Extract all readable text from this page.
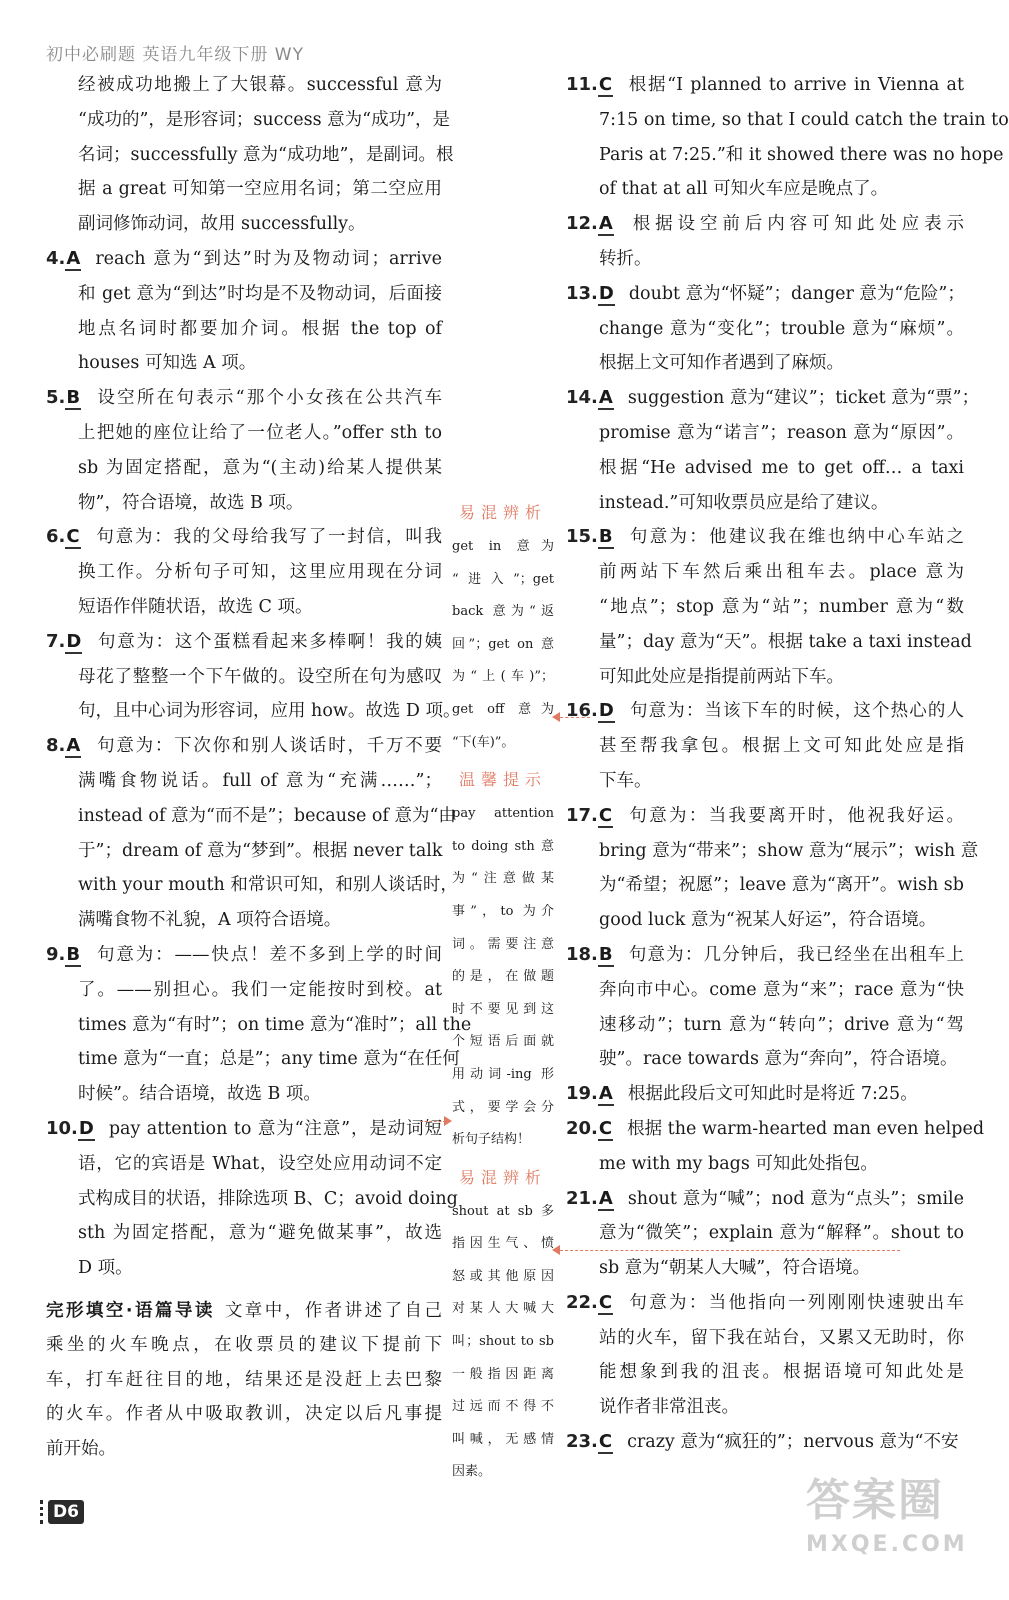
初中必刷题 英语九年级下册 WY
经被成功地搬上了大银幕。successful 意为
“成功的”，是形容词；success 意为“成功”，是
名词；successfully 意为“成功地”，是副词。根
据 a great 可知第一空应用名词；第二空应用
副词修饰动词，故用 successfully。
4.A reach 意为“到达”时为及物动词；arrive
和 get 意为“到达”时均是不及物动词，后面接
地点名词时都要加介词。根据 the top of
houses 可知选 A 项。
5.B 设空所在句表示“那个小女孩在公共汽车
上把她的座位让给了一位老人。”offer sth to
sb 为固定搭配，意为“(主动)给某人提供某
物”，符合语境，故选 B 项。
6.C 句意为：我的父母给我写了一封信，叫我
换工作。分析句子可知，这里应用现在分词
短语作伴随状语，故选 C 项。
7.D 句意为：这个蛋糕看起来多棒啊！我的姨
母花了整整一个下午做的。设空所在句为感叹
句，且中心词为形容词，应用 how。故选 D 项。
8.A 句意为：下次你和别人谈话时，千万不要
满嘴食物说话。full of 意为“充满……”；
instead of 意为“而不是”；because of 意为“由
于”；dream of 意为“梦到”。根据 never talk
with your mouth 和常识可知，和别人谈话时，
满嘴食物不礼貌，A 项符合语境。
9.B 句意为：——快点！差不多到上学的时间
了。——别担心。我们一定能按时到校。at
times 意为“有时”；on time 意为“准时”；all the
time 意为“一直；总是”；any time 意为“在任何
时候”。结合语境，故选 B 项。
10.D pay attention to 意为“注意”，是动词短
语，它的宾语是 What，设空处应用动词不定
式构成目的状语，排除选项 B、C；avoid doing
sth 为固定搭配，意为“避免做某事”，故选
D 项。
完形填空·语篇导读 文章中，作者讲述了自己
乘坐的火车晚点，在收票员的建议下提前下
车，打车赶往目的地，结果还是没赶上去巴黎
的火车。作者从中吸取教训，决定以后凡事提
前开始。
易混辨析
get in 意为
“进入”；get
back 意为“返
回”；get on 意
为“上(车)”；
get off 意为
“下(车)”。
温馨提示
pay attention
to doing sth 意
为“注意做某
事”，to 为介
词。需要注意
的是，在做题
时不要见到这
个短语后面就
用动词-ing 形
式，要学会分
析句子结构！
易混辨析
shout at sb 多
指因生气、愤
怒或其他原因
对某人大喊大
叫；shout to sb
一般指因距离
过远而不得不
叫喊，无感情
因素。
11.C 根据“I planned to arrive in Vienna at
7:15 on time, so that I could catch the train to
Paris at 7:25.”和 it showed there was no hope
of that at all 可知火车应是晚点了。
12.A 根据设空前后内容可知此处应表示
转折。
13.D doubt 意为“怀疑”；danger 意为“危险”；
change 意为“变化”；trouble 意为“麻烦”。
根据上文可知作者遇到了麻烦。
14.A suggestion 意为“建议”；ticket 意为“票”；
promise 意为“诺言”；reason 意为“原因”。
根据“He advised me to get off… a taxi
instead.”可知收票员应是给了建议。
15.B 句意为：他建议我在维也纳中心车站之
前两站下车然后乘出租车去。place 意为
“地点”；stop 意为“站”；number 意为“数
量”；day 意为“天”。根据 take a taxi instead
可知此处应是指提前两站下车。
16.D 句意为：当该下车的时候，这个热心的人
甚至帮我拿包。根据上文可知此处应是指
下车。
17.C 句意为：当我要离开时，他祝我好运。
bring 意为“带来”；show 意为“展示”；wish 意
为“希望；祝愿”；leave 意为“离开”。wish sb
good luck 意为“祝某人好运”，符合语境。
18.B 句意为：几分钟后，我已经坐在出租车上
奔向市中心。come 意为“来”；race 意为“快
速移动”；turn 意为“转向”；drive 意为“驾
驶”。race towards 意为“奔向”，符合语境。
19.A 根据此段后文可知此时是将近 7:25。
20.C 根据 the warm-hearted man even helped
me with my bags 可知此处指包。
21.A shout 意为“喊”；nod 意为“点头”；smile
意为“微笑”；explain 意为“解释”。shout to
sb 意为“朝某人大喊”，符合语境。
22.C 句意为：当他指向一列刚刚快速驶出车
站的火车，留下我在站台，又累又无助时，你
能想象到我的沮丧。根据语境可知此处是
说作者非常沮丧。
23.C crazy 意为“疯狂的”；nervous 意为“不安
D6	答案圈
MXQE.COM
